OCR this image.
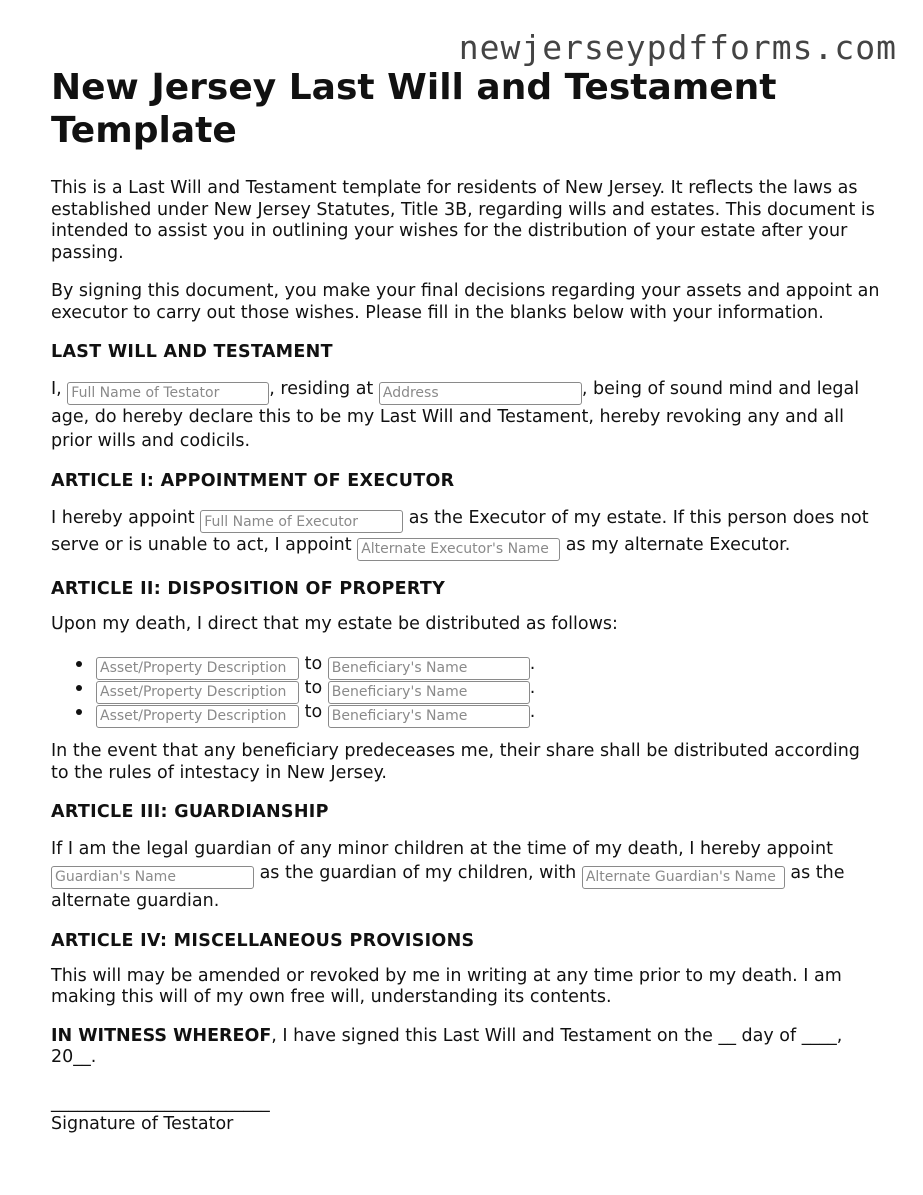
newjerseypdfforms.com
New Jersey Last Will and Testament Template

This is a Last Will and Testament template for residents of New Jersey. It reflects the laws as established under New Jersey Statutes, Title 3B, regarding wills and estates. This document is intended to assist you in outlining your wishes for the distribution of your estate after your passing.

By signing this document, you make your final decisions regarding your assets and appoint an executor to carry out those wishes. Please fill in the blanks below with your information.

LAST WILL AND TESTAMENT

I, Full Name of Testator	, residing at Address	, being of sound mind and legal age, do hereby declare this to be my Last Will and Testament, hereby revoking any and all prior wills and codicils.

ARTICLE I: APPOINTMENT OF EXECUTOR

I hereby appoint Full Name of Executor	as the Executor of my estate. If this person does not serve or is unable to act, I appoint Alternate Executor's Name	as my alternate Executor.

ARTICLE II: DISPOSITION OF PROPERTY

Upon my death, I direct that my estate be distributed as follows:

Asset/Property Description to Beneficiary's Name	.
Asset/Property Description to Beneficiary's Name	.
Asset/Property Description to Beneficiary's Name	.

In the event that any beneficiary predeceases me, their share shall be distributed according to the rules of intestacy in New Jersey.

ARTICLE III: GUARDIANSHIP

If I am the legal guardian of any minor children at the time of my death, I hereby appoint Guardian's Name as the guardian of my children, with Alternate Guardian's Name	as the alternate guardian.

ARTICLE IV: MISCELLANEOUS PROVISIONS

This will may be amended or revoked by me in writing at any time prior to my death. I am making this will of my own free will, understanding its contents.

IN WITNESS WHEREOF, I have signed this Last Will and Testament on the __ day of ____, 20__.

_________________________
Signature of Testator
